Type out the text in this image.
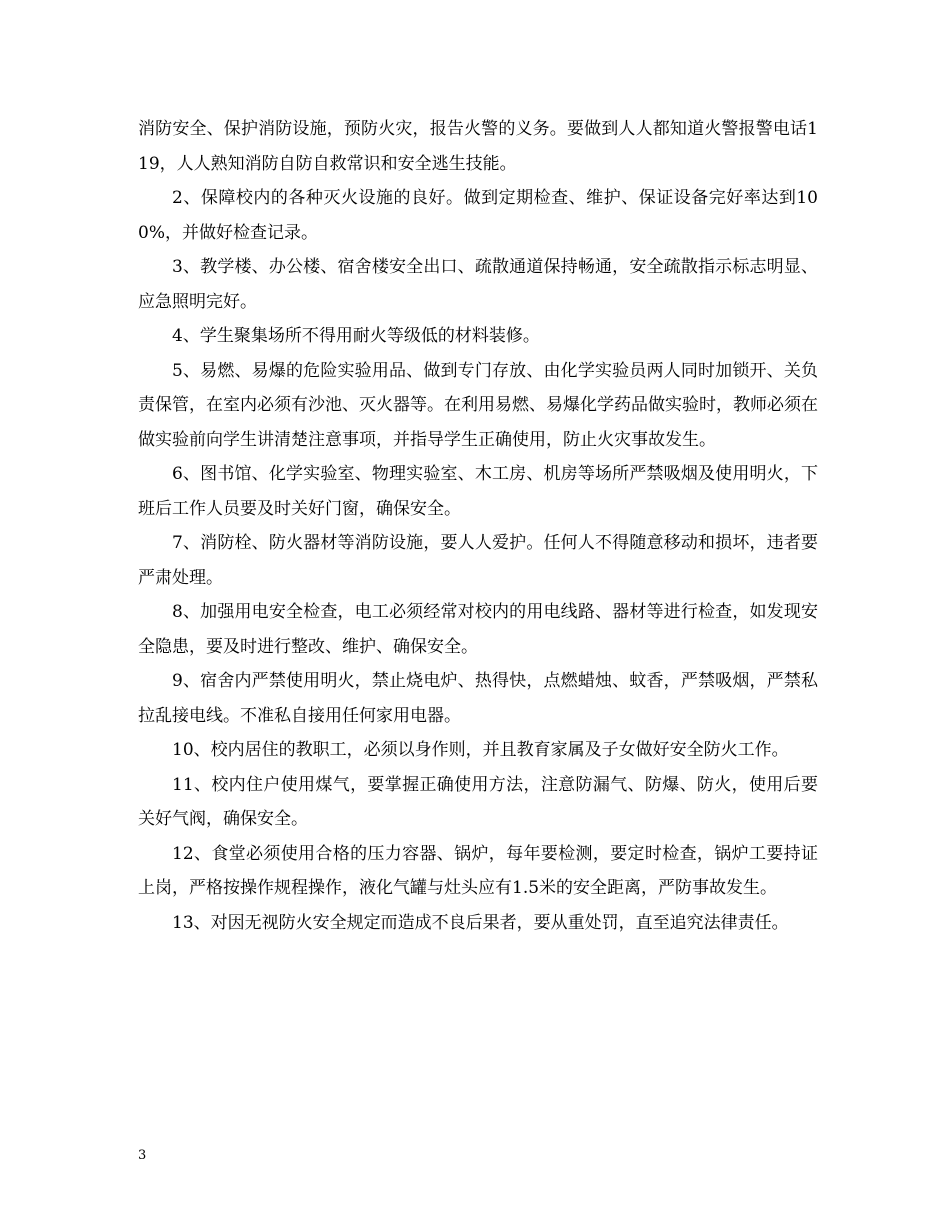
消防安全、保护消防设施，预防火灾，报告火警的义务。要做到人人都知道火警报警电话119，人人熟知消防自防自救常识和安全逃生技能。

2、保障校内的各种灭火设施的良好。做到定期检查、维护、保证设备完好率达到100%，并做好检查记录。

3、教学楼、办公楼、宿舍楼安全出口、疏散通道保持畅通，安全疏散指示标志明显、应急照明完好。

4、学生聚集场所不得用耐火等级低的材料装修。

5、易燃、易爆的危险实验用品、做到专门存放、由化学实验员两人同时加锁开、关负责保管，在室内必须有沙池、灭火器等。在利用易燃、易爆化学药品做实验时，教师必须在做实验前向学生讲清楚注意事项，并指导学生正确使用，防止火灾事故发生。

6、图书馆、化学实验室、物理实验室、木工房、机房等场所严禁吸烟及使用明火，下班后工作人员要及时关好门窗，确保安全。

7、消防栓、防火器材等消防设施，要人人爱护。任何人不得随意移动和损坏，违者要严肃处理。

8、加强用电安全检查，电工必须经常对校内的用电线路、器材等进行检查，如发现安全隐患，要及时进行整改、维护、确保安全。

9、宿舍内严禁使用明火，禁止烧电炉、热得快，点燃蜡烛、蚊香，严禁吸烟，严禁私拉乱接电线。不准私自接用任何家用电器。

10、校内居住的教职工，必须以身作则，并且教育家属及子女做好安全防火工作。

11、校内住户使用煤气，要掌握正确使用方法，注意防漏气、防爆、防火，使用后要关好气阀，确保安全。

12、食堂必须使用合格的压力容器、锅炉，每年要检测，要定时检查，锅炉工要持证上岗，严格按操作规程操作，液化气罐与灶头应有1.5米的安全距离，严防事故发生。

13、对因无视防火安全规定而造成不良后果者，要从重处罚，直至追究法律责任。

3
